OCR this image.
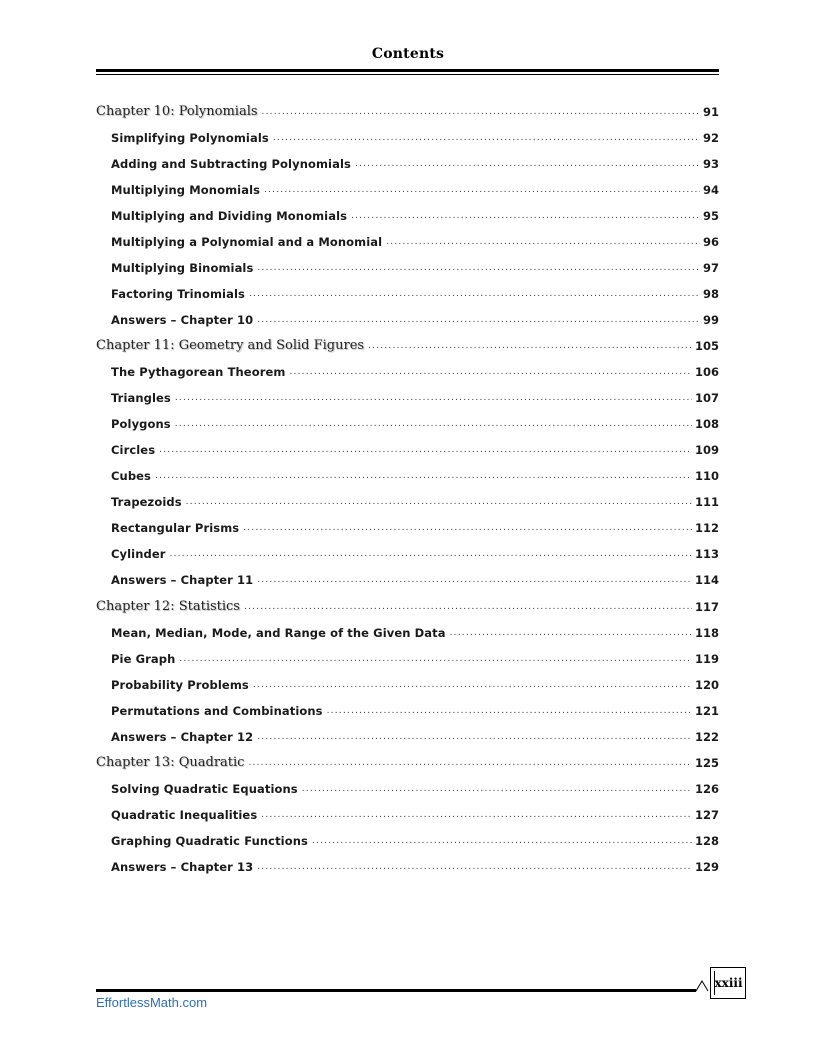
Contents
Chapter 10: Polynomials .....	91
Simplifying Polynomials .....	92
Adding and Subtracting Polynomials .....	93
Multiplying Monomials .....	94
Multiplying and Dividing Monomials .....	95
Multiplying a Polynomial and a Monomial .....	96
Multiplying Binomials .....	97
Factoring Trinomials .....	98
Answers – Chapter 10 .....	99
Chapter 11: Geometry and Solid Figures .....	105
The Pythagorean Theorem .....	106
Triangles .....	107
Polygons .....	108
Circles .....	109
Cubes .....	110
Trapezoids .....	111
Rectangular Prisms .....	112
Cylinder .....	113
Answers – Chapter 11 .....	114
Chapter 12: Statistics .....	117
Mean, Median, Mode, and Range of the Given Data .....	118
Pie Graph .....	119
Probability Problems .....	120
Permutations and Combinations .....	121
Answers – Chapter 12 .....	122
Chapter 13: Quadratic .....	125
Solving Quadratic Equations .....	126
Quadratic Inequalities .....	127
Graphing Quadratic Functions .....	128
Answers – Chapter 13 .....	129
xxiii
EffortlessMath.com
